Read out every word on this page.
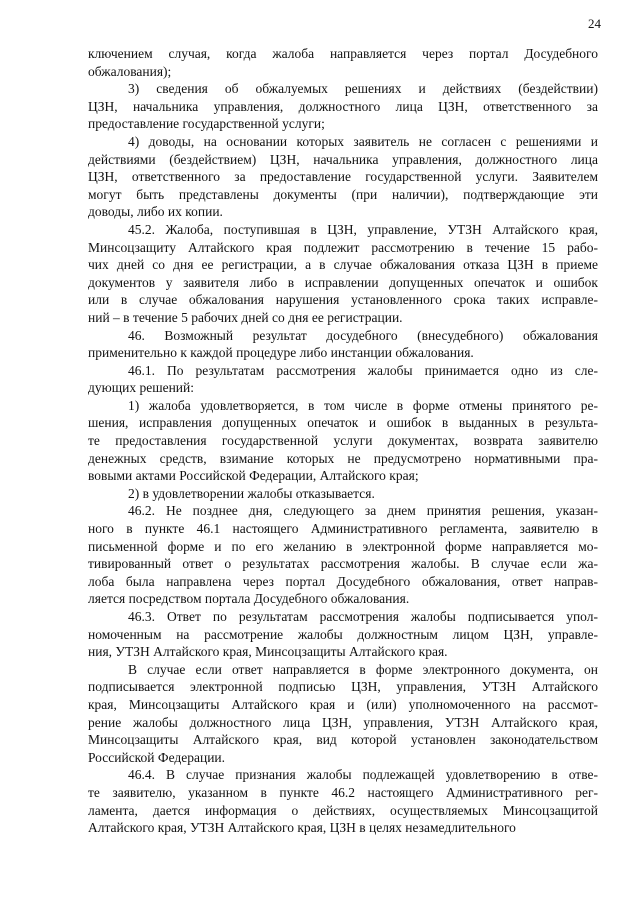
24
ключением случая, когда жалоба направляется через портал Досудебного
обжалования);
3) сведения об обжалуемых решениях и действиях (бездействии)
ЦЗН, начальника управления, должностного лица ЦЗН, ответственного за
предоставление государственной услуги;
4) доводы, на основании которых заявитель не согласен с решениями и
действиями (бездействием) ЦЗН, начальника управления, должностного лица
ЦЗН, ответственного за предоставление государственной услуги. Заявителем
могут быть представлены документы (при наличии), подтверждающие эти
доводы, либо их копии.
45.2. Жалоба, поступившая в ЦЗН, управление, УТЗН Алтайского края,
Минсоцзащиту Алтайского края подлежит рассмотрению в течение 15 рабо-
чих дней со дня ее регистрации, а в случае обжалования отказа ЦЗН в приеме
документов у заявителя либо в исправлении допущенных опечаток и ошибок
или в случае обжалования нарушения установленного срока таких исправле-
ний – в течение 5 рабочих дней со дня ее регистрации.
46. Возможный результат досудебного (внесудебного) обжалования
применительно к каждой процедуре либо инстанции обжалования.
46.1. По результатам рассмотрения жалобы принимается одно из сле-
дующих решений:
1) жалоба удовлетворяется, в том числе в форме отмены принятого ре-
шения, исправления допущенных опечаток и ошибок в выданных в результа-
те предоставления государственной услуги документах, возврата заявителю
денежных средств, взимание которых не предусмотрено нормативными пра-
вовыми актами Российской Федерации, Алтайского края;
2) в удовлетворении жалобы отказывается.
46.2. Не позднее дня, следующего за днем принятия решения, указан-
ного в пункте 46.1 настоящего Административного регламента, заявителю в
письменной форме и по его желанию в электронной форме направляется мо-
тивированный ответ о результатах рассмотрения жалобы. В случае если жа-
лоба была направлена через портал Досудебного обжалования, ответ направ-
ляется посредством портала Досудебного обжалования.
46.3. Ответ по результатам рассмотрения жалобы подписывается упол-
номоченным на рассмотрение жалобы должностным лицом ЦЗН, управле-
ния, УТЗН Алтайского края, Минсоцзащиты Алтайского края.
В случае если ответ направляется в форме электронного документа, он
подписывается электронной подписью ЦЗН, управления, УТЗН Алтайского
края, Минсоцзащиты Алтайского края и (или) уполномоченного на рассмот-
рение жалобы должностного лица ЦЗН, управления, УТЗН Алтайского края,
Минсоцзащиты Алтайского края, вид которой установлен законодательством
Российской Федерации.
46.4. В случае признания жалобы подлежащей удовлетворению в отве-
те заявителю, указанном в пункте 46.2 настоящего Административного рег-
ламента, дается информация о действиях, осуществляемых Минсоцзащитой
Алтайского края, УТЗН Алтайского края, ЦЗН в целях незамедлительного
